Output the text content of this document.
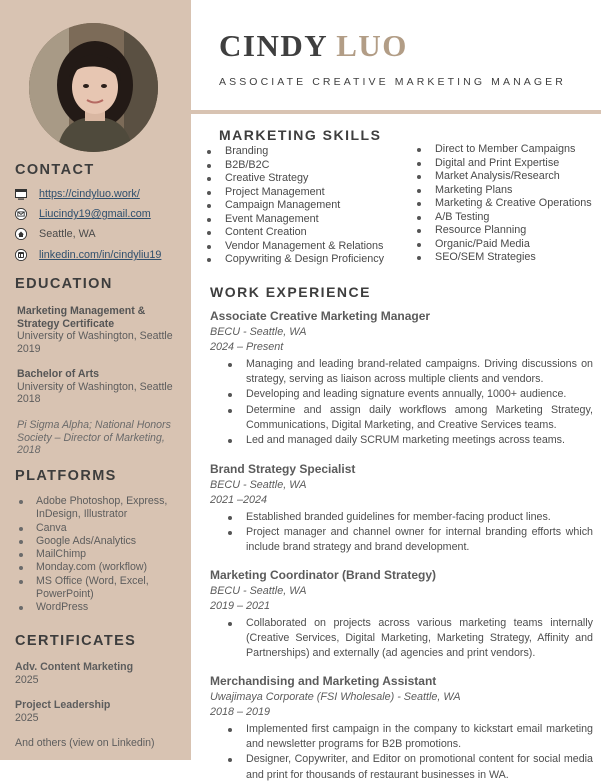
CONTACT
https://cindyluo.work/
Liucindy19@gmail.com
Seattle, WA
linkedin.com/in/cindyliu19
EDUCATION
Marketing Management &
Strategy Certificate
University of Washington, Seattle
2019
Bachelor of Arts
University of Washington, Seattle
2018
Pi Sigma Alpha; National Honors
Society – Director of Marketing,
2018
PLATFORMS
Adobe Photoshop, Express,
InDesign, Illustrator
Canva
Google Ads/Analytics
MailChimp
Monday.com (workflow)
MS Office (Word, Excel,
PowerPoint)
WordPress
CERTIFICATES
Adv. Content Marketing
2025
Project Leadership
2025
And others (view on Linkedin)
CINDY LUO
ASSOCIATE CREATIVE MARKETING MANAGER
MARKETING SKILLS
Branding
B2B/B2C
Creative Strategy
Project Management
Campaign Management
Event Management
Content Creation
Vendor Management & Relations
Copywriting & Design Proficiency
Direct to Member Campaigns
Digital and Print Expertise
Market Analysis/Research
Marketing Plans
Marketing & Creative Operations
A/B Testing
Resource Planning
Organic/Paid Media
SEO/SEM Strategies
WORK EXPERIENCE
Associate Creative Marketing Manager
BECU - Seattle, WA
2024 – Present
Managing and leading brand-related campaigns. Driving discussions on strategy, serving as liaison across multiple clients and vendors.
Developing and leading signature events annually, 1000+ audience.
Determine and assign daily workflows among Marketing Strategy, Communications, Digital Marketing, and Creative Services teams.
Led and managed daily SCRUM marketing meetings across teams.
Brand Strategy Specialist
BECU - Seattle, WA
2021 –2024
Established branded guidelines for member-facing product lines.
Project manager and channel owner for internal branding efforts which include brand strategy and brand development.
Marketing Coordinator (Brand Strategy)
BECU - Seattle, WA
2019 – 2021
Collaborated on projects across various marketing teams internally (Creative Services, Digital Marketing, Marketing Strategy, Affinity and Partnerships) and externally (ad agencies and print vendors).
Merchandising and Marketing Assistant
Uwajimaya Corporate (FSI Wholesale) - Seattle, WA
2018 – 2019
Implemented first campaign in the company to kickstart email marketing and newsletter programs for B2B promotions.
Designer, Copywriter, and Editor on promotional content for social media and print for thousands of restaurant businesses in WA.
